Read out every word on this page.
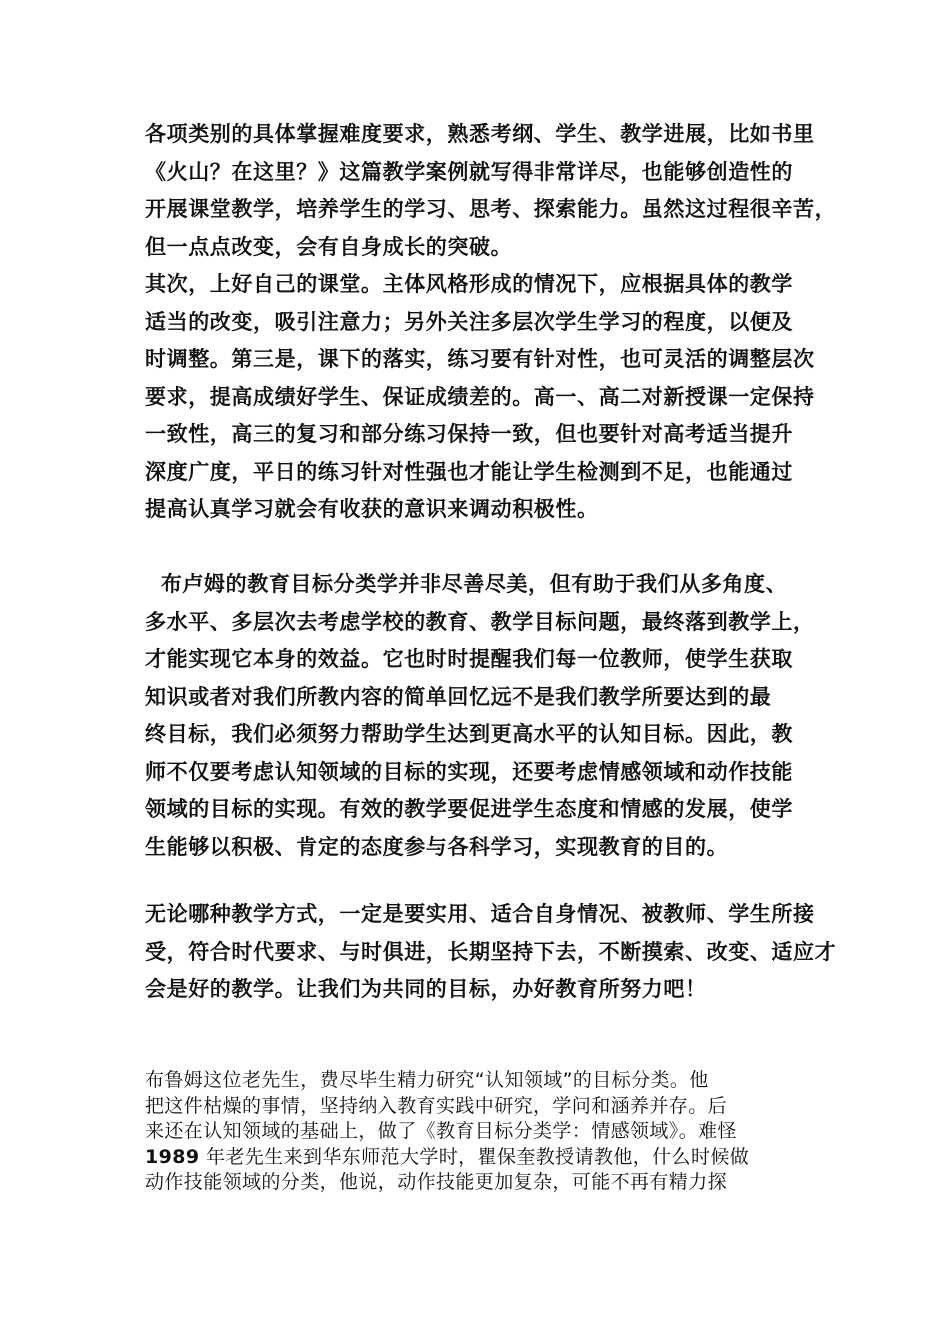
各项类别的具体掌握难度要求，熟悉考纲、学生、教学进展，比如书里
《火山？在这里？》这篇教学案例就写得非常详尽，也能够创造性的
开展课堂教学，培养学生的学习、思考、探索能力。虽然这过程很辛苦，
但一点点改变，会有自身成长的突破。
其次，上好自己的课堂。主体风格形成的情况下，应根据具体的教学
适当的改变，吸引注意力；另外关注多层次学生学习的程度，以便及
时调整。第三是，课下的落实，练习要有针对性，也可灵活的调整层次
要求，提高成绩好学生、保证成绩差的。高一、高二对新授课一定保持
一致性，高三的复习和部分练习保持一致，但也要针对高考适当提升
深度广度，平日的练习针对性强也才能让学生检测到不足，也能通过
提高认真学习就会有收获的意识来调动积极性。
布卢姆的教育目标分类学并非尽善尽美，但有助于我们从多角度、
多水平、多层次去考虑学校的教育、教学目标问题，最终落到教学上，
才能实现它本身的效益。它也时时提醒我们每一位教师，使学生获取
知识或者对我们所教内容的简单回忆远不是我们教学所要达到的最
终目标，我们必须努力帮助学生达到更高水平的认知目标。因此，教
师不仅要考虑认知领域的目标的实现，还要考虑情感领域和动作技能
领域的目标的实现。有效的教学要促进学生态度和情感的发展，使学
生能够以积极、肯定的态度参与各科学习，实现教育的目的。
无论哪种教学方式，一定是要实用、适合自身情况、被教师、学生所接
受，符合时代要求、与时俱进，长期坚持下去，不断摸索、改变、适应才
会是好的教学。让我们为共同的目标，办好教育所努力吧！
布鲁姆这位老先生，费尽毕生精力研究“认知领域”的目标分类。他
把这件枯燥的事情，坚持纳入教育实践中研究，学问和涵养并存。后
来还在认知领域的基础上，做了《教育目标分类学：情感领域》。难怪
1989 年老先生来到华东师范大学时，瞿保奎教授请教他，什么时候做
动作技能领域的分类，他说，动作技能更加复杂，可能不再有精力探
